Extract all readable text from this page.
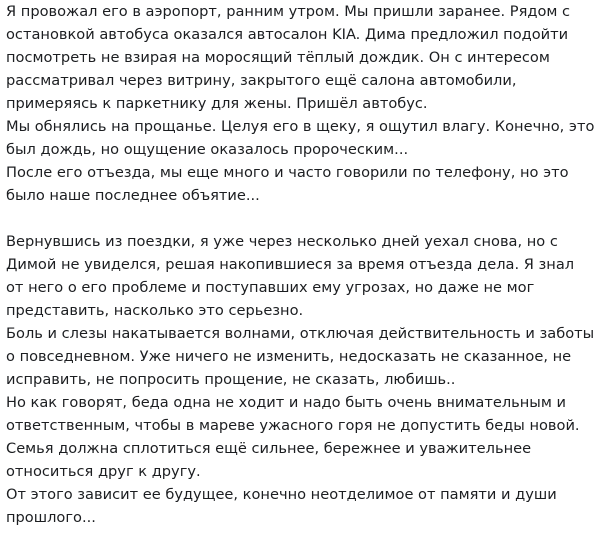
Я провожал его в аэропорт, ранним утром. Мы пришли заранее. Рядом с
остановкой автобуса оказался автосалон KIA. Дима предложил подойти
посмотреть не взирая на моросящий тёплый дождик. Он с интересом
рассматривал через витрину, закрытого ещё салона автомобили,
примеряясь к паркетнику для жены. Пришёл автобус.
Мы обнялись на прощанье. Целуя его в щеку, я ощутил влагу. Конечно, это
был дождь, но ощущение оказалось пророческим...
После его отъезда, мы еще много и часто говорили по телефону, но это
было наше последнее объятие...
Вернувшись из поездки, я уже через несколько дней уехал снова, но с
Димой не увиделся, решая накопившиеся за время отъезда дела. Я знал
от него о его проблеме и поступавших ему угрозах, но даже не мог
представить, насколько это серьезно.
Боль и слезы накатывается волнами, отключая действительность и заботы
о повседневном. Уже ничего не изменить, недосказать не сказанное, не
исправить, не попросить прощение, не сказать, любишь..
Но как говорят, беда одна не ходит и надо быть очень внимательным и
ответственным, чтобы в мареве ужасного горя не допустить беды новой.
Семья должна сплотиться ещё сильнее, бережнее и уважительнее
относиться друг к другу.
От этого зависит ее будущее, конечно неотделимое от памяти и души
прошлого...
